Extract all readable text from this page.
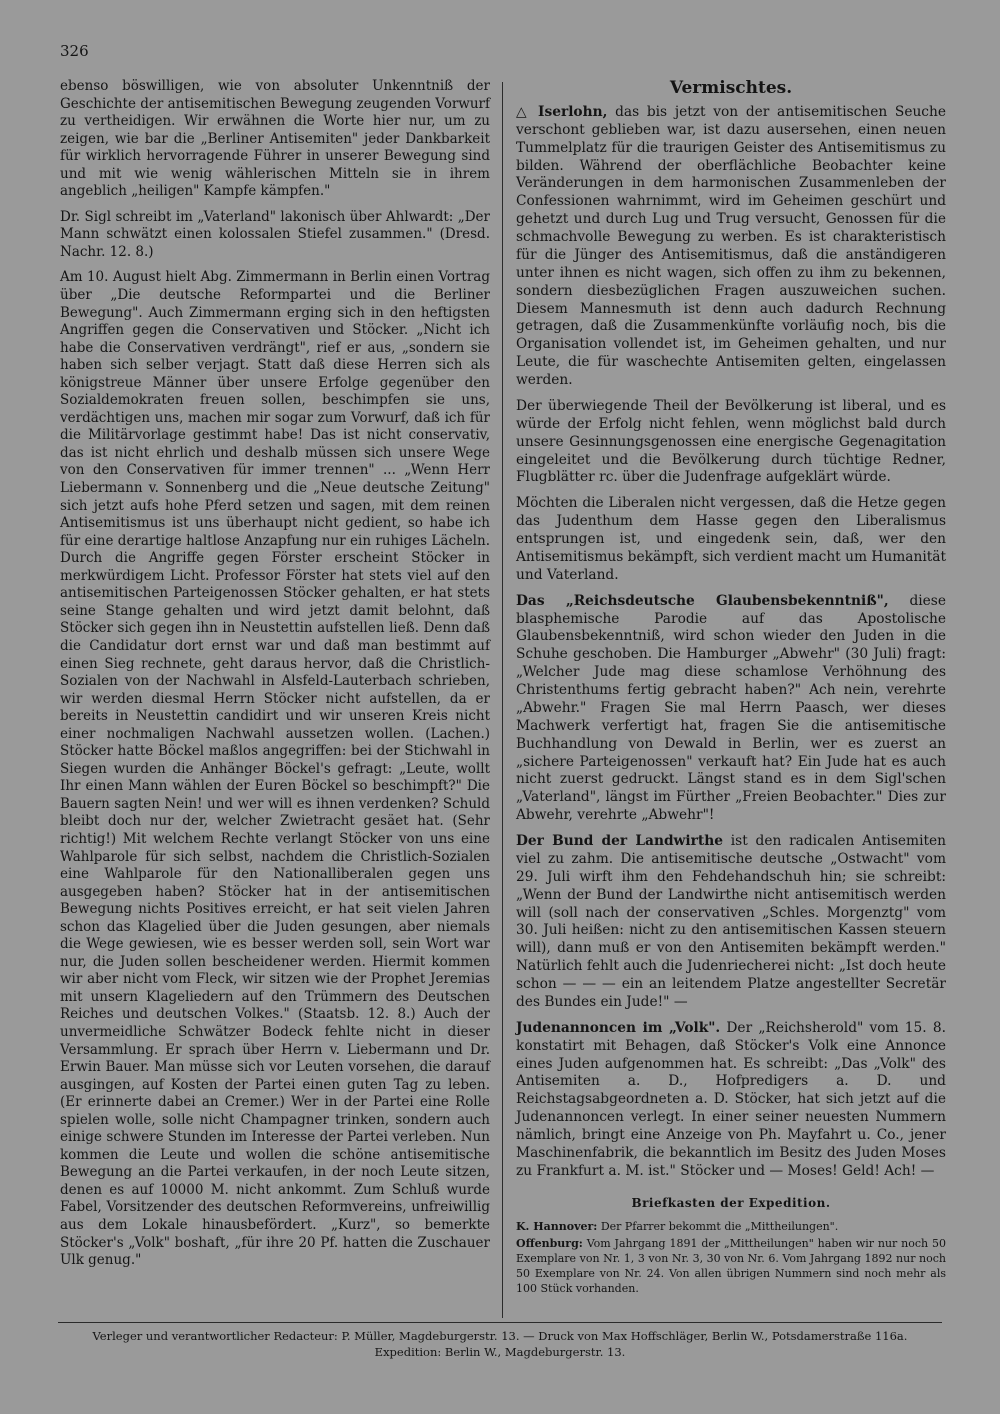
326

ebenso böswilligen, wie von absoluter Unkenntniß der Geschichte der antisemitischen Bewegung zeugenden Vorwurf zu vertheidigen. Wir erwähnen die Worte hier nur, um zu zeigen, wie bar die „Berliner Antisemiten" jeder Dankbarkeit für wirklich hervorragende Führer in unserer Bewegung sind und mit wie wenig wählerischen Mitteln sie in ihrem angeblich „heiligen" Kampfe kämpfen."

Dr. Sigl schreibt im „Vaterland" lakonisch über Ahlwardt: „Der Mann schwätzt einen kolossalen Stiefel zusammen." (Dresd. Nachr. 12. 8.)

Am 10. August hielt Abg. Zimmermann in Berlin einen Vortrag über „Die deutsche Reformpartei und die Berliner Bewegung". Auch Zimmermann erging sich in den heftigsten Angriffen gegen die Conservativen und Stöcker. „Nicht ich habe die Conservativen verdrängt", rief er aus, „sondern sie haben sich selber verjagt. Statt daß diese Herren sich als königstreue Männer über unsere Erfolge gegenüber den Sozialdemokraten freuen sollen, beschimpfen sie uns, verdächtigen uns, machen mir sogar zum Vorwurf, daß ich für die Militärvorlage gestimmt habe! Das ist nicht conservativ, das ist nicht ehrlich und deshalb müssen sich unsere Wege von den Conservativen für immer trennen" ... „Wenn Herr Liebermann v. Sonnenberg und die „Neue deutsche Zeitung" sich jetzt aufs hohe Pferd setzen und sagen, mit dem reinen Antisemitismus ist uns überhaupt nicht gedient, so habe ich für eine derartige haltlose Anzapfung nur ein ruhiges Lächeln. Durch die Angriffe gegen Förster erscheint Stöcker in merkwürdigem Licht. Professor Förster hat stets viel auf den antisemitischen Parteigenossen Stöcker gehalten, er hat stets seine Stange gehalten und wird jetzt damit belohnt, daß Stöcker sich gegen ihn in Neustettin aufstellen ließ. Denn daß die Candidatur dort ernst war und daß man bestimmt auf einen Sieg rechnete, geht daraus hervor, daß die Christlich-Sozialen von der Nachwahl in Alsfeld-Lauterbach schrieben, wir werden diesmal Herrn Stöcker nicht aufstellen, da er bereits in Neustettin candidirt und wir unseren Kreis nicht einer nochmaligen Nachwahl aussetzen wollen. (Lachen.) Stöcker hatte Böckel maßlos angegriffen: bei der Stichwahl in Siegen wurden die Anhänger Böckel's gefragt: „Leute, wollt Ihr einen Mann wählen der Euren Böckel so beschimpft?" Die Bauern sagten Nein! und wer will es ihnen verdenken? Schuld bleibt doch nur der, welcher Zwietracht gesäet hat. (Sehr richtig!) Mit welchem Rechte verlangt Stöcker von uns eine Wahlparole für sich selbst, nachdem die Christlich-Sozialen eine Wahlparole für den Nationalliberalen gegen uns ausgegeben haben? Stöcker hat in der antisemitischen Bewegung nichts Positives erreicht, er hat seit vielen Jahren schon das Klagelied über die Juden gesungen, aber niemals die Wege gewiesen, wie es besser werden soll, sein Wort war nur, die Juden sollen bescheidener werden. Hiermit kommen wir aber nicht vom Fleck, wir sitzen wie der Prophet Jeremias mit unsern Klageliedern auf den Trümmern des Deutschen Reiches und deutschen Volkes." (Staatsb. 12. 8.) Auch der unvermeidliche Schwätzer Bodeck fehlte nicht in dieser Versammlung. Er sprach über Herrn v. Liebermann und Dr. Erwin Bauer. Man müsse sich vor Leuten vorsehen, die darauf ausgingen, auf Kosten der Partei einen guten Tag zu leben. (Er erinnerte dabei an Cremer.) Wer in der Partei eine Rolle spielen wolle, solle nicht Champagner trinken, sondern auch einige schwere Stunden im Interesse der Partei verleben. Nun kommen die Leute und wollen die schöne antisemitische Bewegung an die Partei verkaufen, in der noch Leute sitzen, denen es auf 10000 M. nicht ankommt. Zum Schluß wurde Fabel, Vorsitzender des deutschen Reformvereins, unfreiwillig aus dem Lokale hinausbefördert. „Kurz", so bemerkte Stöcker's „Volk" boshaft, „für ihre 20 Pf. hatten die Zuschauer Ulk genug."

Vermischtes.

△ Iserlohn, das bis jetzt von der antisemitischen Seuche verschont geblieben war, ist dazu ausersehen, einen neuen Tummelplatz für die traurigen Geister des Antisemitismus zu bilden. Während der oberflächliche Beobachter keine Veränderungen in dem harmonischen Zusammenleben der Confessionen wahrnimmt, wird im Geheimen geschürt und gehetzt und durch Lug und Trug versucht, Genossen für die schmachvolle Bewegung zu werben. Es ist charakteristisch für die Jünger des Antisemitismus, daß die anständigeren unter ihnen es nicht wagen, sich offen zu ihm zu bekennen, sondern diesbezüglichen Fragen auszuweichen suchen. Diesem Mannesmuth ist denn auch dadurch Rechnung getragen, daß die Zusammenkünfte vorläufig noch, bis die Organisation vollendet ist, im Geheimen gehalten, und nur Leute, die für waschechte Antisemiten gelten, eingelassen werden.

Der überwiegende Theil der Bevölkerung ist liberal, und es würde der Erfolg nicht fehlen, wenn möglichst bald durch unsere Gesinnungsgenossen eine energische Gegenagitation eingeleitet und die Bevölkerung durch tüchtige Redner, Flugblätter rc. über die Judenfrage aufgeklärt würde.

Möchten die Liberalen nicht vergessen, daß die Hetze gegen das Judenthum dem Hasse gegen den Liberalismus entsprungen ist, und eingedenk sein, daß, wer den Antisemitismus bekämpft, sich verdient macht um Humanität und Vaterland.

Das „Reichsdeutsche Glaubensbekenntniß", diese blasphemische Parodie auf das Apostolische Glaubensbekenntniß, wird schon wieder den Juden in die Schuhe geschoben. Die Hamburger „Abwehr" (30 Juli) fragt: „Welcher Jude mag diese schamlose Verhöhnung des Christenthums fertig gebracht haben?" Ach nein, verehrte „Abwehr." Fragen Sie mal Herrn Paasch, wer dieses Machwerk verfertigt hat, fragen Sie die antisemitische Buchhandlung von Dewald in Berlin, wer es zuerst an „sichere Parteigenossen" verkauft hat? Ein Jude hat es auch nicht zuerst gedruckt. Längst stand es in dem Sigl'schen „Vaterland", längst im Fürther „Freien Beobachter." Dies zur Abwehr, verehrte „Abwehr"!

Der Bund der Landwirthe ist den radicalen Antisemiten viel zu zahm. Die antisemitische deutsche „Ostwacht" vom 29. Juli wirft ihm den Fehdehandschuh hin; sie schreibt: „Wenn der Bund der Landwirthe nicht antisemitisch werden will (soll nach der conservativen „Schles. Morgenztg" vom 30. Juli heißen: nicht zu den antisemitischen Kassen steuern will), dann muß er von den Antisemiten bekämpft werden." Natürlich fehlt auch die Judenriecherei nicht: „Ist doch heute schon — — — ein an leitendem Platze angestellter Secretär des Bundes ein Jude!" —

Judenannoncen im „Volk". Der „Reichsherold" vom 15. 8. konstatirt mit Behagen, daß Stöcker's Volk eine Annonce eines Juden aufgenommen hat. Es schreibt: „Das „Volk" des Antisemiten a. D., Hofpredigers a. D. und Reichstagsabgeordneten a. D. Stöcker, hat sich jetzt auf die Judenannoncen verlegt. In einer seiner neuesten Nummern nämlich, bringt eine Anzeige von Ph. Mayfahrt u. Co., jener Maschinenfabrik, die bekanntlich im Besitz des Juden Moses zu Frankfurt a. M. ist." Stöcker und — Moses! Geld! Ach! —

Briefkasten der Expedition.

K. Hannover: Der Pfarrer bekommt die „Mittheilungen".

Offenburg: Vom Jahrgang 1891 der „Mittheilungen" haben wir nur noch 50 Exemplare von Nr. 1, 3 von Nr. 3, 30 von Nr. 6. Vom Jahrgang 1892 nur noch 50 Exemplare von Nr. 24. Von allen übrigen Nummern sind noch mehr als 100 Stück vorhanden.

Verleger und verantwortlicher Redacteur: P. Müller, Magdeburgerstr. 13. — Druck von Max Hoffschläger, Berlin W., Potsdamerstraße 116a.
Expedition: Berlin W., Magdeburgerstr. 13.
